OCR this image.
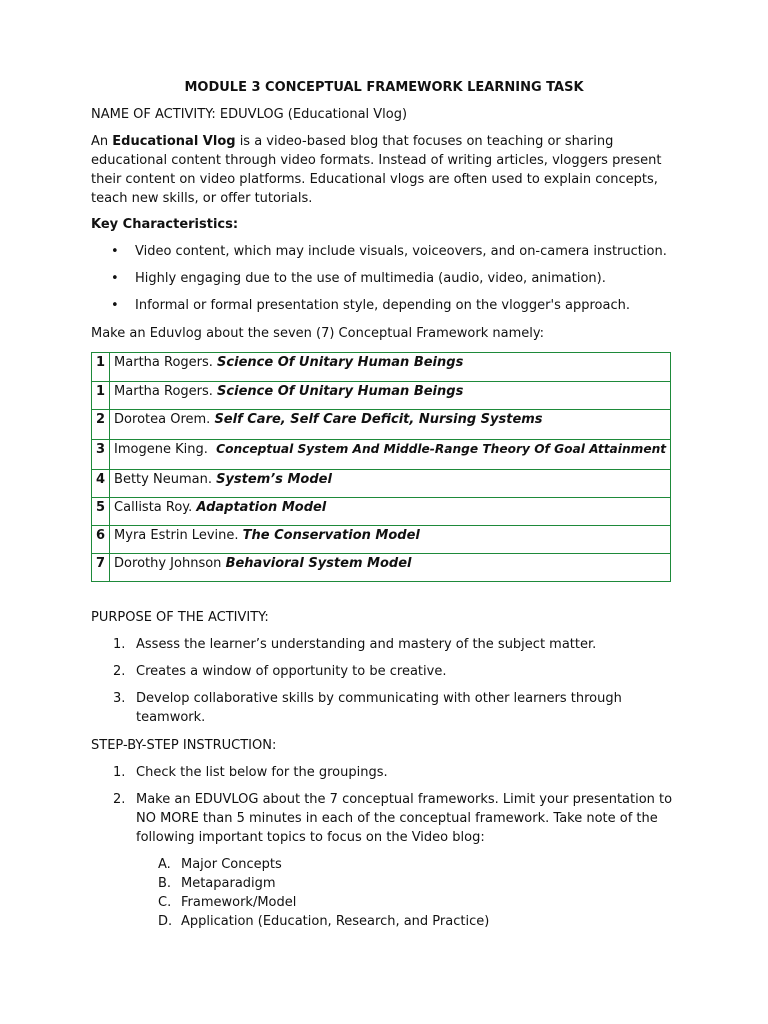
MODULE 3 CONCEPTUAL FRAMEWORK LEARNING TASK
NAME OF ACTIVITY: EDUVLOG (Educational Vlog)
An Educational Vlog is a video-based blog that focuses on teaching or sharing educational content through video formats. Instead of writing articles, vloggers present their content on video platforms. Educational vlogs are often used to explain concepts, teach new skills, or offer tutorials.
Key Characteristics:
• Video content, which may include visuals, voiceovers, and on-camera instruction.
• Highly engaging due to the use of multimedia (audio, video, animation).
• Informal or formal presentation style, depending on the vlogger's approach.
Make an Eduvlog about the seven (7) Conceptual Framework namely:
1	Martha Rogers. Science Of Unitary Human Beings
1	Martha Rogers. Science Of Unitary Human Beings
2	Dorotea Orem. Self Care, Self Care Deficit, Nursing Systems
3	Imogene King.  Conceptual System And Middle-Range Theory Of Goal Attainment
4	Betty Neuman. System’s Model
5	Callista Roy. Adaptation Model
6	Myra Estrin Levine. The Conservation Model
7	Dorothy Johnson Behavioral System Model
PURPOSE OF THE ACTIVITY:
1. Assess the learner’s understanding and mastery of the subject matter.
2. Creates a window of opportunity to be creative.
3. Develop collaborative skills by communicating with other learners through teamwork.
STEP-BY-STEP INSTRUCTION:
1. Check the list below for the groupings.
2. Make an EDUVLOG about the 7 conceptual frameworks. Limit your presentation to NO MORE than 5 minutes in each of the conceptual framework. Take note of the following important topics to focus on the Video blog:
A. Major Concepts
B. Metaparadigm
C. Framework/Model
D. Application (Education, Research, and Practice)
